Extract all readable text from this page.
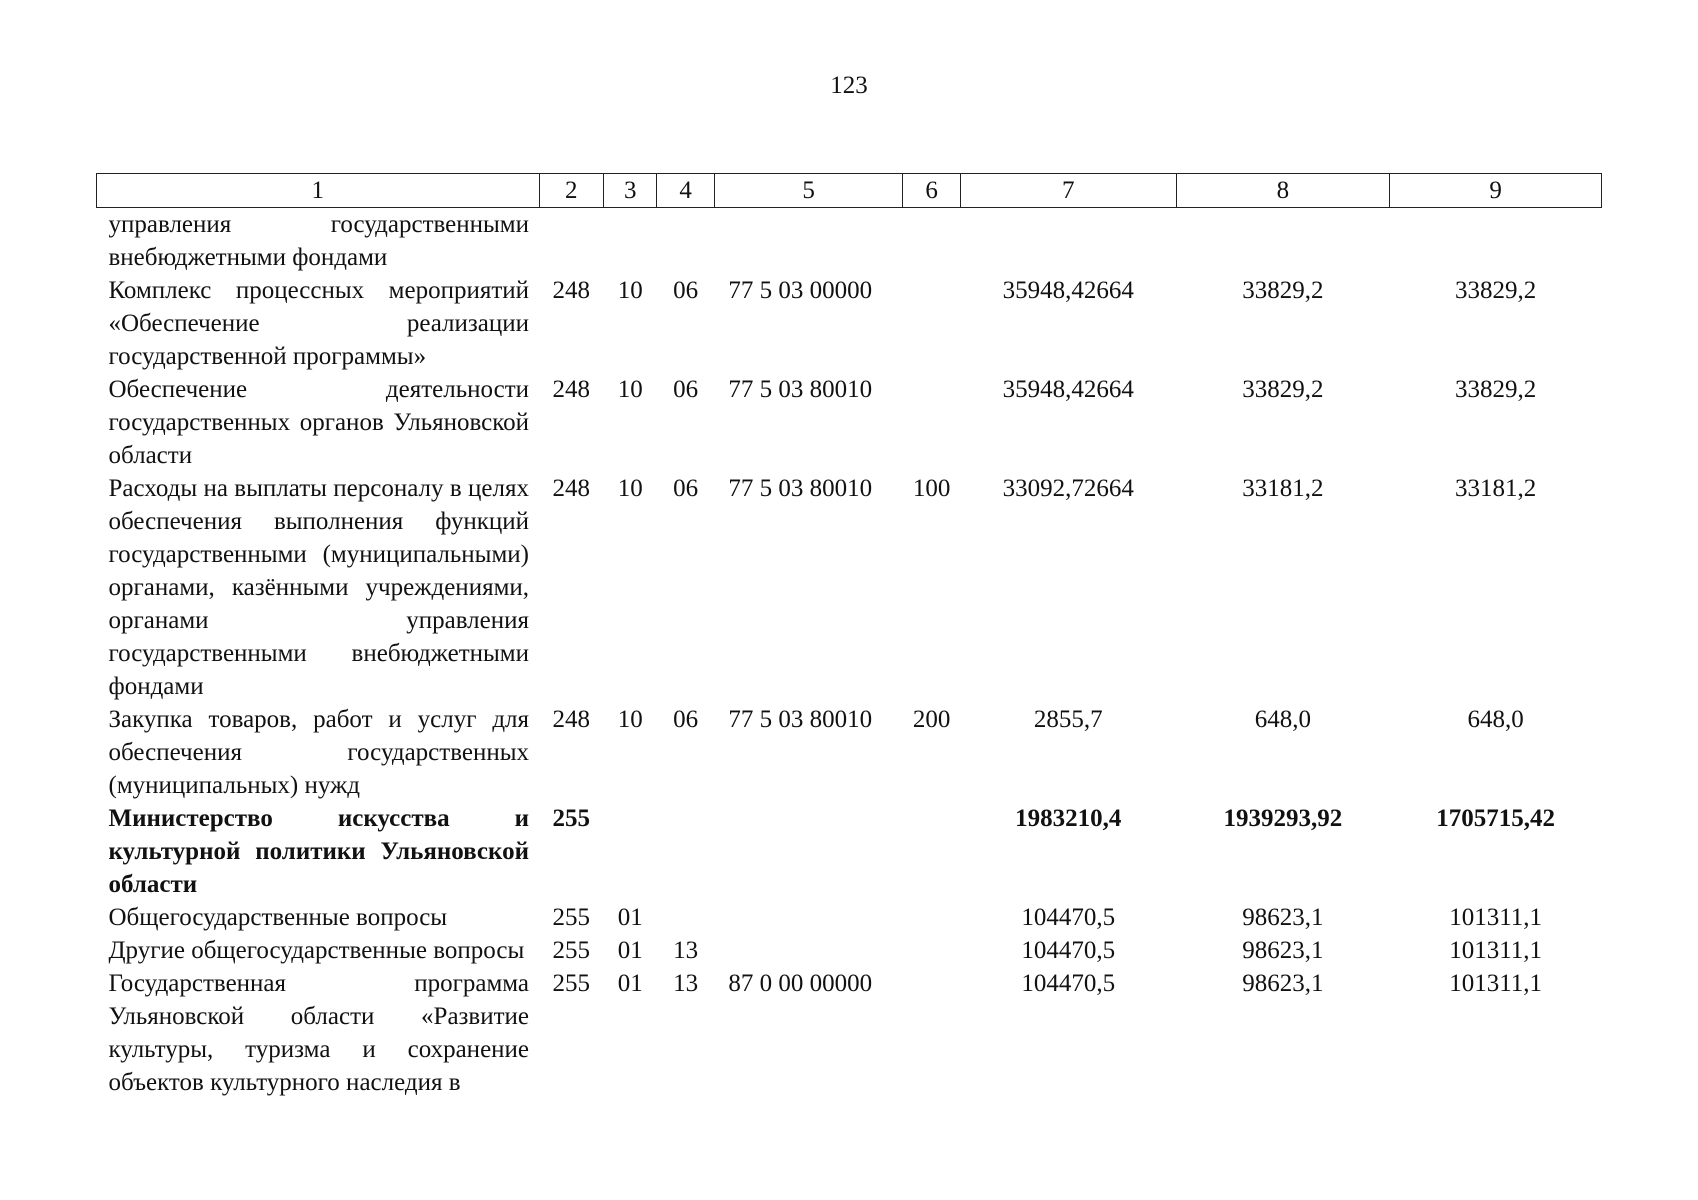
123
1	2	3	4	5	6	7	8	9
управления государственными внебюджетными фондами								
Комплекс процессных мероприятий «Обеспечение реализации государственной программы»	248	10	06	77 5 03 00000		35948,42664	33829,2	33829,2
Обеспечение деятельности государственных органов Ульяновской области	248	10	06	77 5 03 80010		35948,42664	33829,2	33829,2
Расходы на выплаты персоналу в целях обеспечения выполнения функций государственными (муниципальными) органами, казёнными учреждениями, органами управления государственными внебюджетными фондами	248	10	06	77 5 03 80010	100	33092,72664	33181,2	33181,2
Закупка товаров, работ и услуг для обеспечения государственных (муниципальных) нужд	248	10	06	77 5 03 80010	200	2855,7	648,0	648,0
Министерство искусства и культурной политики Ульяновской области	255					1983210,4	1939293,92	1705715,42
Общегосударственные вопросы	255	01				104470,5	98623,1	101311,1
Другие общегосударственные вопросы	255	01	13			104470,5	98623,1	101311,1
Государственная программа Ульяновской области «Развитие культуры, туризма и сохранение объектов культурного наследия в	255	01	13	87 0 00 00000		104470,5	98623,1	101311,1
